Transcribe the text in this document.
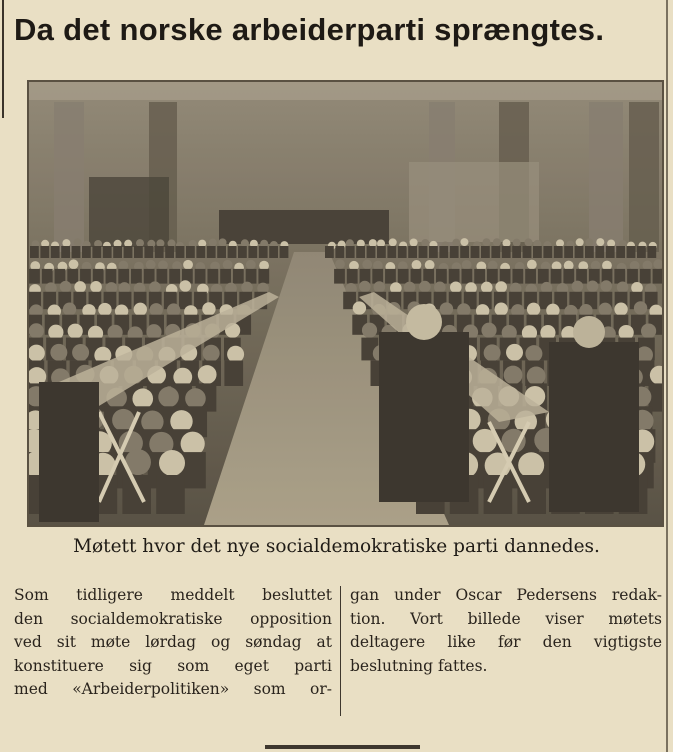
Da det norske arbeiderparti sprængtes.
Møtett hvor det nye socialdemokratiske parti dannedes.

Som tidligere meddelt besluttet

den socialdemokratiske opposition

ved sit møte lørdag og søndag at

konstituere sig som eget parti

med «Arbeiderpolitiken» som or-

gan under Oscar Pedersens redak-

tion. Vort billede viser møtets

deltagere like før den vigtigste

beslutning fattes.
